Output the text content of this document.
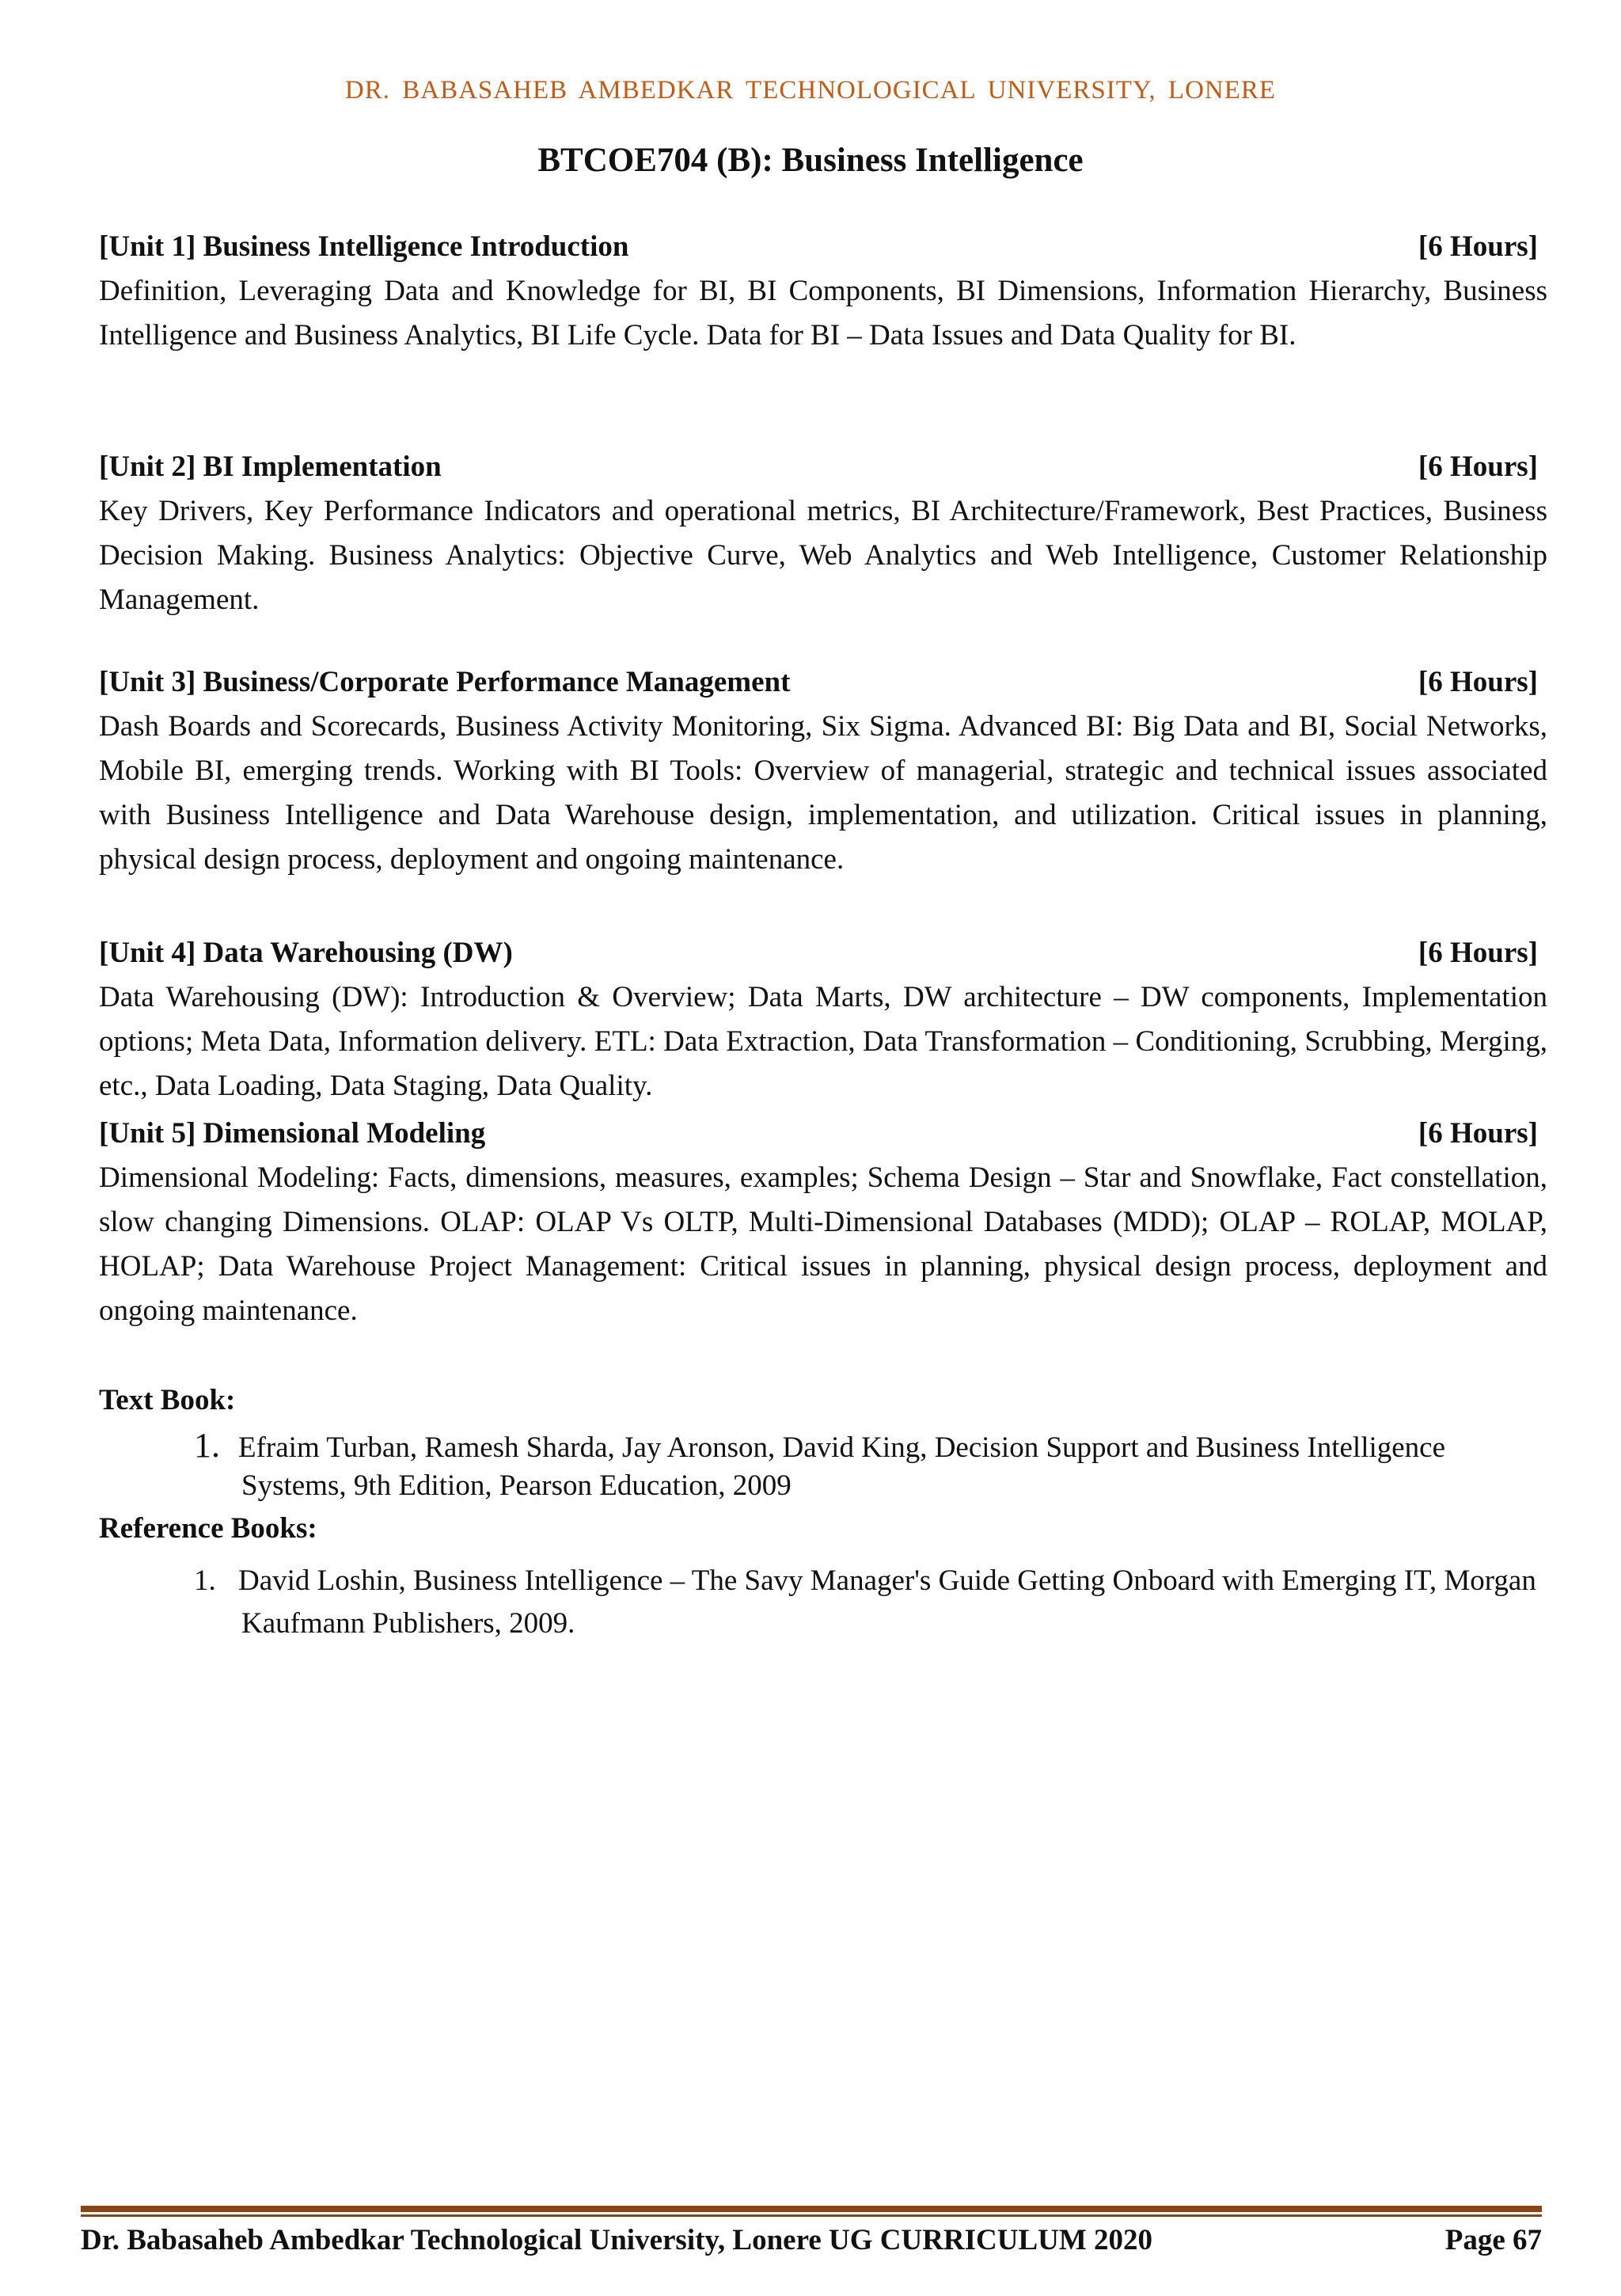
DR. BABASAHEB AMBEDKAR TECHNOLOGICAL UNIVERSITY, LONERE
BTCOE704 (B): Business Intelligence
[Unit 1] Business Intelligence Introduction	[6 Hours]

Definition, Leveraging Data and Knowledge for BI, BI Components, BI Dimensions, Information Hierarchy, Business Intelligence and Business Analytics, BI Life Cycle. Data for BI – Data Issues and Data Quality for BI.

[Unit 2] BI Implementation	[6 Hours]

Key Drivers, Key Performance Indicators and operational metrics, BI Architecture/Framework, Best Practices, Business Decision Making. Business Analytics: Objective Curve, Web Analytics and Web Intelligence, Customer Relationship Management.

[Unit 3] Business/Corporate Performance Management	[6 Hours]

Dash Boards and Scorecards, Business Activity Monitoring, Six Sigma. Advanced BI: Big Data and BI, Social Networks, Mobile BI, emerging trends. Working with BI Tools: Overview of managerial, strategic and technical issues associated with Business Intelligence and Data Warehouse design, implementation, and utilization. Critical issues in planning, physical design process, deployment and ongoing maintenance.

[Unit 4] Data Warehousing (DW)	[6 Hours]

Data Warehousing (DW): Introduction & Overview; Data Marts, DW architecture – DW components, Implementation options; Meta Data, Information delivery. ETL: Data Extraction, Data Transformation – Conditioning, Scrubbing, Merging, etc., Data Loading, Data Staging, Data Quality.

[Unit 5] Dimensional Modeling	[6 Hours]

Dimensional Modeling: Facts, dimensions, measures, examples; Schema Design – Star and Snowflake, Fact constellation, slow changing Dimensions. OLAP: OLAP Vs OLTP, Multi-Dimensional Databases (MDD); OLAP – ROLAP, MOLAP, HOLAP; Data Warehouse Project Management: Critical issues in planning, physical design process, deployment and ongoing maintenance.

Text Book:
1. Efraim Turban, Ramesh Sharda, Jay Aronson, David King, Decision Support and Business Intelligence Systems, 9th Edition, Pearson Education, 2009
Reference Books:
1. David Loshin, Business Intelligence – The Savy Manager's Guide Getting Onboard with Emerging IT, Morgan Kaufmann Publishers, 2009.
Dr. Babasaheb Ambedkar Technological University, Lonere UG CURRICULUM 2020	Page 67
